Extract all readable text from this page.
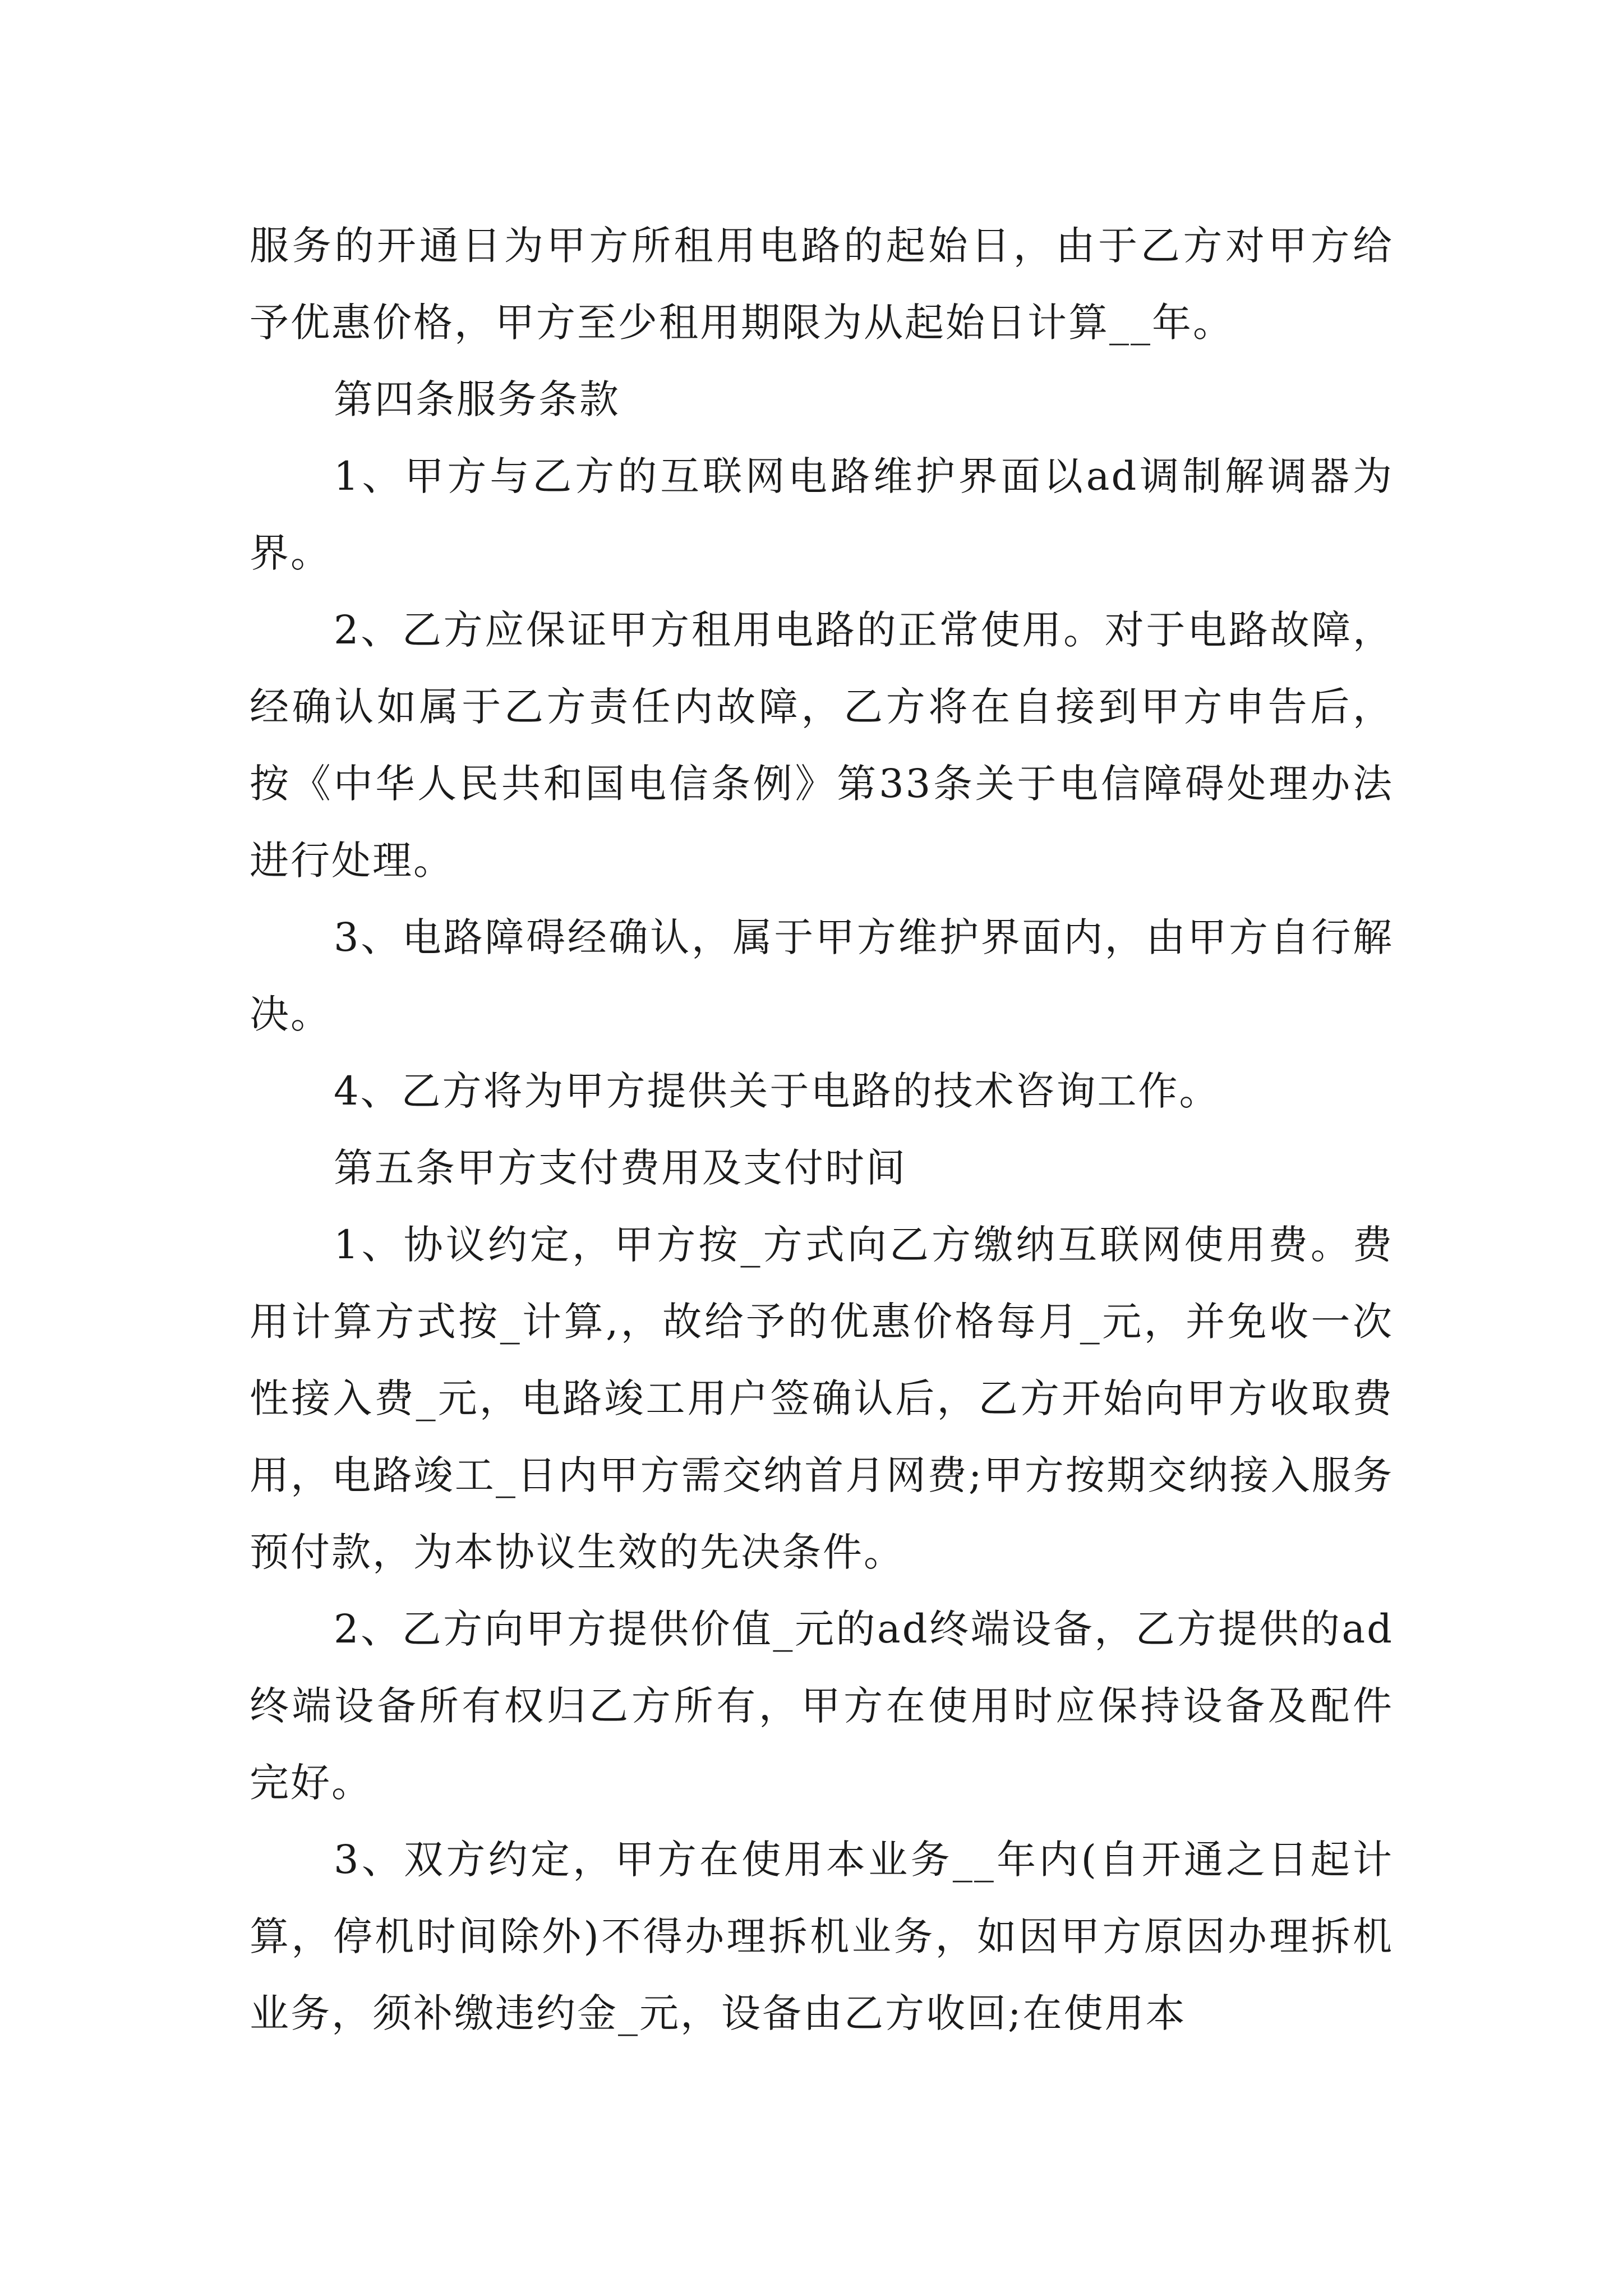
服务的开通日为甲方所租用电路的起始日，由于乙方对甲方给予优惠价格，甲方至少租用期限为从起始日计算__年。

第四条服务条款

1、甲方与乙方的互联网电路维护界面以ad调制解调器为界。

2、乙方应保证甲方租用电路的正常使用。对于电路故障，经确认如属于乙方责任内故障，乙方将在自接到甲方申告后，按《中华人民共和国电信条例》第33条关于电信障碍处理办法进行处理。

3、电路障碍经确认，属于甲方维护界面内，由甲方自行解决。

4、乙方将为甲方提供关于电路的技术咨询工作。

第五条甲方支付费用及支付时间

1、协议约定，甲方按_方式向乙方缴纳互联网使用费。费用计算方式按_计算,，故给予的优惠价格每月_元，并免收一次性接入费_元，电路竣工用户签确认后，乙方开始向甲方收取费用，电路竣工_日内甲方需交纳首月网费;甲方按期交纳接入服务预付款，为本协议生效的先决条件。

2、乙方向甲方提供价值_元的ad终端设备，乙方提供的ad终端设备所有权归乙方所有，甲方在使用时应保持设备及配件完好。

3、双方约定，甲方在使用本业务__年内(自开通之日起计算，停机时间除外)不得办理拆机业务，如因甲方原因办理拆机业务，须补缴违约金_元，设备由乙方收回;在使用本
